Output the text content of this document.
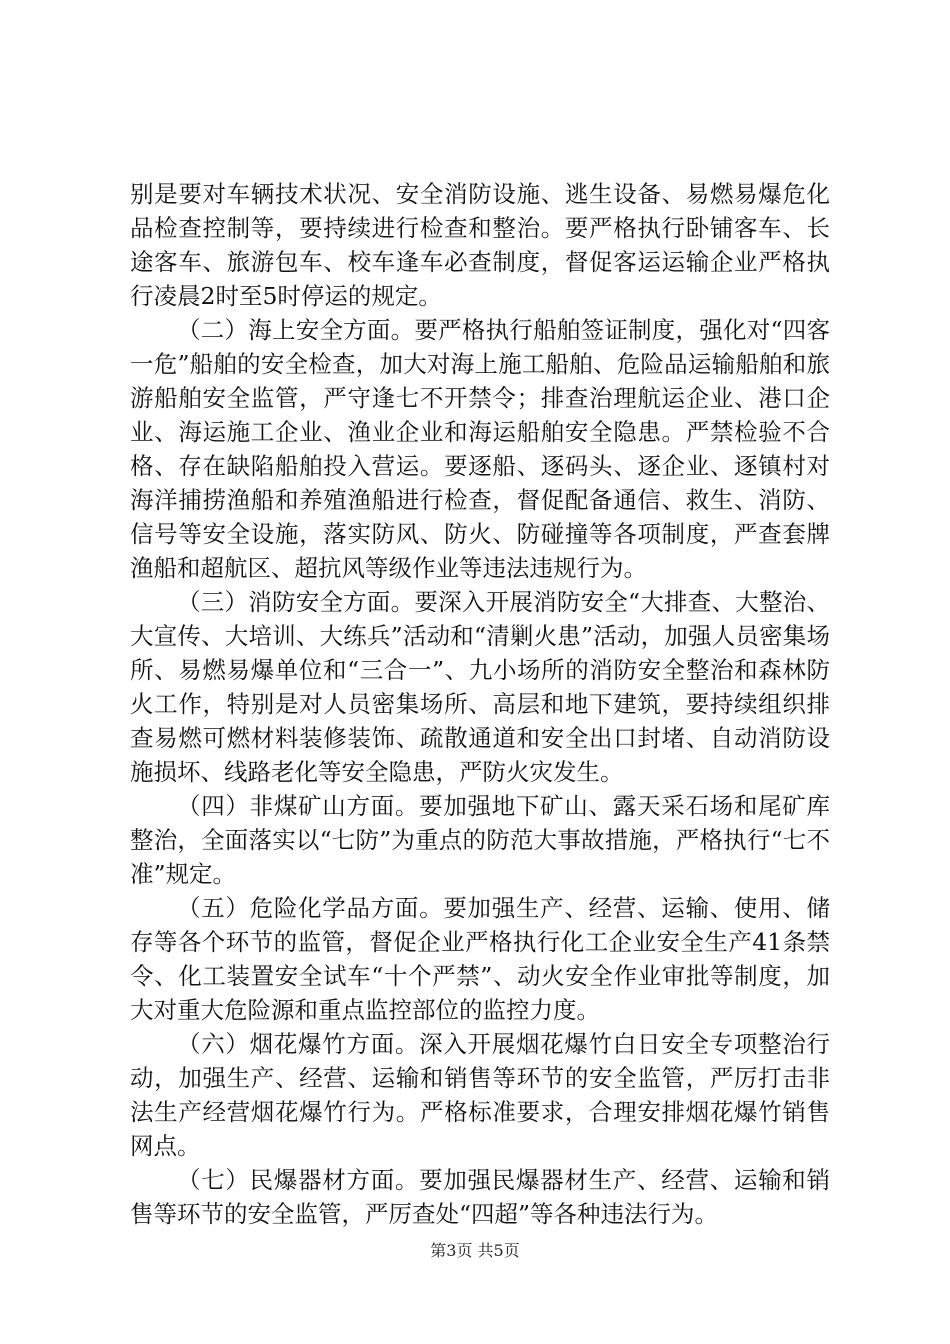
别是要对车辆技术状况、安全消防设施、逃生设备、易燃易爆危化品检查控制等，要持续进行检查和整治。要严格执行卧铺客车、长途客车、旅游包车、校车逢车必查制度，督促客运运输企业严格执行凌晨2时至5时停运的规定。

（二）海上安全方面。要严格执行船舶签证制度，强化对“四客一危”船舶的安全检查，加大对海上施工船舶、危险品运输船舶和旅游船舶安全监管，严守逢七不开禁令；排查治理航运企业、港口企业、海运施工企业、渔业企业和海运船舶安全隐患。严禁检验不合格、存在缺陷船舶投入营运。要逐船、逐码头、逐企业、逐镇村对海洋捕捞渔船和养殖渔船进行检查，督促配备通信、救生、消防、信号等安全设施，落实防风、防火、防碰撞等各项制度，严查套牌渔船和超航区、超抗风等级作业等违法违规行为。

（三）消防安全方面。要深入开展消防安全“大排查、大整治、大宣传、大培训、大练兵”活动和“清剿火患”活动，加强人员密集场所、易燃易爆单位和“三合一”、九小场所的消防安全整治和森林防火工作，特别是对人员密集场所、高层和地下建筑，要持续组织排查易燃可燃材料装修装饰、疏散通道和安全出口封堵、自动消防设施损坏、线路老化等安全隐患，严防火灾发生。

（四）非煤矿山方面。要加强地下矿山、露天采石场和尾矿库整治，全面落实以“七防”为重点的防范大事故措施，严格执行“七不准”规定。

（五）危险化学品方面。要加强生产、经营、运输、使用、储存等各个环节的监管，督促企业严格执行化工企业安全生产41条禁令、化工装置安全试车“十个严禁”、动火安全作业审批等制度，加大对重大危险源和重点监控部位的监控力度。

（六）烟花爆竹方面。深入开展烟花爆竹白日安全专项整治行动，加强生产、经营、运输和销售等环节的安全监管，严厉打击非法生产经营烟花爆竹行为。严格标准要求，合理安排烟花爆竹销售网点。

（七）民爆器材方面。要加强民爆器材生产、经营、运输和销售等环节的安全监管，严厉查处“四超”等各种违法行为。

第3页 共5页
